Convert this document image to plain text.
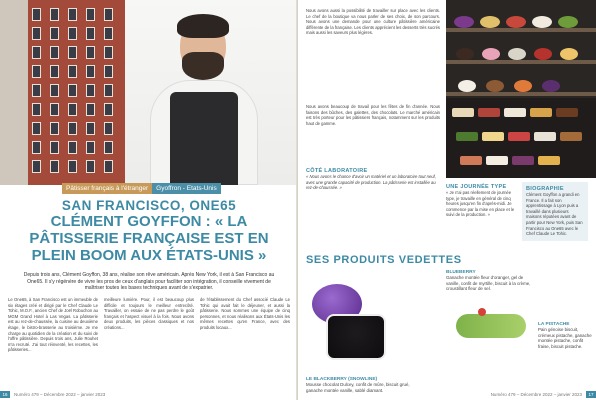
Pâtisser français à l'étranger	Gyoffron - Etats-Unis
SAN FRANCISCO, ONE65
CLÉMENT GOYFFON : « LA PÂTISSERIE FRANÇAISE EST EN PLEIN BOOM AUX ÉTATS-UNIS »
Depuis trois ans, Clément Goyffon, 38 ans, réalise son rêve américain. Après New York, il est à San Francisco au One65. Il s'y régénère de vivre les pros de ceux d'anglais pour faciliter son intégration, il conseille vivement de maîtriser toutes les bases techniques avant de s'expatrier.
Le One65, à San Francisco est un immeuble de six étages créé et dirigé par le Chef Claude Le Tohic, M.O.F., ancien Chef de Joël Robuchon au MGM Grand Hotel à Las Vegas. La pâtisserie est au rez-de-chaussée, la cuisine au deuxième étage, le bistro-brasserie au troisième. Je me charge au quotidien de la création et du suivi de l'offre pâtissière. Depuis trois ans, Julie Rouhet m'a recruté. J'ai tout réinventé, les recettes, les pâtisseries...
meilleure lumière. Pour, il est beaucoup plus difficile et toujours le meilleur entrecôté. Travailler, on essaie de ne pas perdre le goût français et l'aspect visuel à la fois. Nous avons deux produits, les pièces classiques et nos créations...
de l'établissement du Chef associé Claude Le Tohic qui avait fait le déjeuner, et aussi la pâtisserie. Nous sommes une équipe de cinq personnes, et nous réalisons aux États-Unis les mêmes recettes qu'en France, avec des produits locaux...
16	Numéro 479 – Décembre 2022 – janvier 2023
Nous avons aussi la possibilité de travailler sur place avec les clients. Le chef de la boutique va nous parler de ses choix, de son parcours. Nous avons une demande pour une culture pâtissière américaine différente de la française. Les clients apprécient les desserts très sucrés mais aussi les saveurs plus légères.
Nous avons beaucoup de travail pour les fêtes de fin d'année. Nous faisons des bûches, des galettes, des chocolats. Le marché américain est très porteur pour les pâtissiers français, notamment sur les produits haut de gamme.
CÔTÉ LABORATOIRE
« Nous avons le chance d'avoir un matériel et un laboratoire tout neuf, avec une grande capacité de production. La pâtisserie est installée au rez-de-chaussée. »	UNE JOURNÉE TYPE
« Je n'ai pas réellement de journée type, je travaille en général de cinq heures jusqu'en fin d'après-midi. Je commence par la mise en place et le suivi de la production. »
BIOGRAPHIE
Clément Goyffon a grandi en France. Il a fait son apprentissage à Lyon puis a travaillé dans plusieurs maisons réputées avant de partir pour New York, puis San Francisco au One65 avec le Chef Claude Le Tohic.
SES PRODUITS VEDETTES
BLUEBERRY
Ganache montée fleur d'oranger, gel de vanille, confit de myrtille, biscuit à la crème, croustillant fleur de sel.
LE BLACKBERRY (SNOWLINE)
Mousse chocolat Dulcey, confit de mûre, biscuit grué, ganache montée vanille, sablé diamant.
LA PISTACHE
Pain génoise biscuit, crémeux pistache, ganache montée pistache, confit fraise, biscuit pistache.
Numéro 479 – Décembre 2022 – janvier 2023	17
